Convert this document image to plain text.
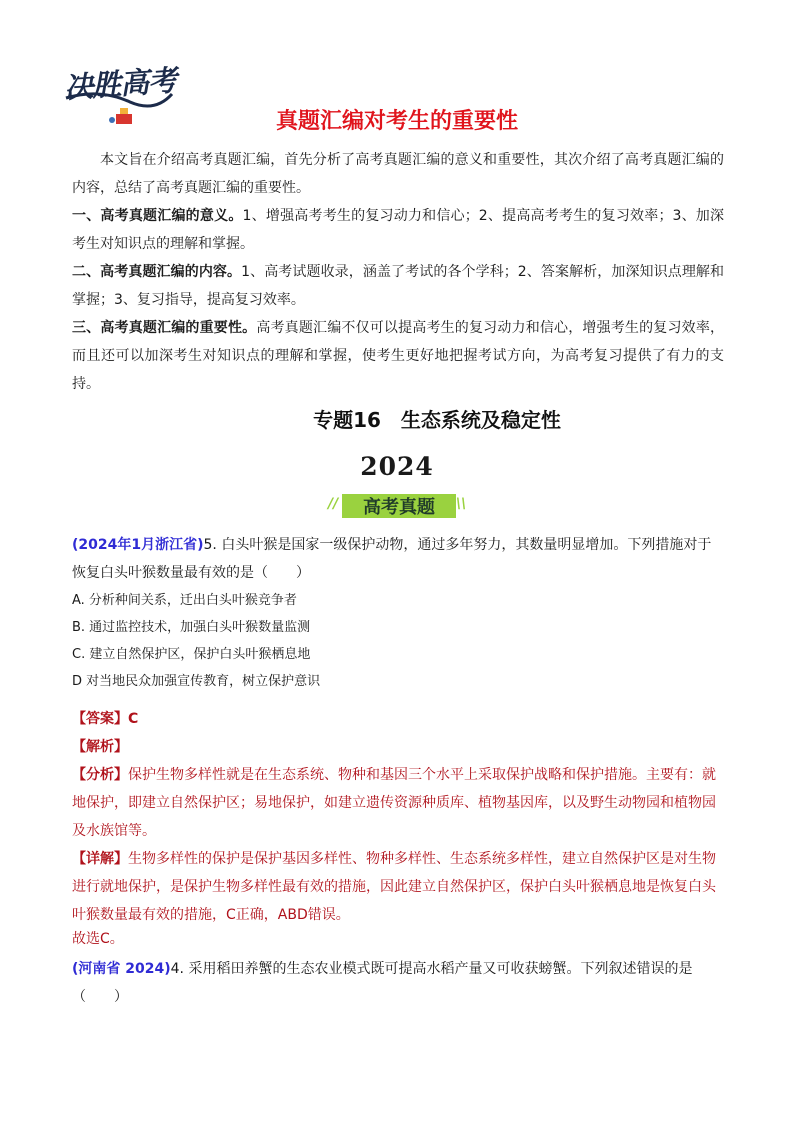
决胜高考
真题汇编对考生的重要性

本文旨在介绍高考真题汇编，首先分析了高考真题汇编的意义和重要性，其次介绍了高考真题汇编的内容，总结了高考真题汇编的重要性。

一、高考真题汇编的意义。1、增强高考考生的复习动力和信心；2、提高高考考生的复习效率；3、加深考生对知识点的理解和掌握。

二、高考真题汇编的内容。1、高考试题收录，涵盖了考试的各个学科；2、答案解析，加深知识点理解和掌握；3、复习指导，提高复习效率。

三、高考真题汇编的重要性。高考真题汇编不仅可以提高考生的复习动力和信心，增强考生的复习效率，而且还可以加深考生对知识点的理解和掌握，使考生更好地把握考试方向，为高考复习提供了有力的支持。

专题16　生态系统及稳定性
2024
//	\\
高考真题

(2024年1月浙江省)5. 白头叶猴是国家一级保护动物，通过多年努力，其数量明显增加。下列措施对于恢复白头叶猴数量最有效的是（　　）

A. 分析种间关系，迁出白头叶猴竞争者

B. 通过监控技术，加强白头叶猴数量监测

C. 建立自然保护区，保护白头叶猴栖息地

D 对当地民众加强宣传教育，树立保护意识

【答案】C

【解析】

【分析】保护生物多样性就是在生态系统、物种和基因三个水平上采取保护战略和保护措施。主要有：就地保护，即建立自然保护区；易地保护，如建立遗传资源种质库、植物基因库，以及野生动物园和植物园及水族馆等。

【详解】生物多样性的保护是保护基因多样性、物种多样性、生态系统多样性，建立自然保护区是对生物进行就地保护，是保护生物多样性最有效的措施，因此建立自然保护区，保护白头叶猴栖息地是恢复白头叶猴数量最有效的措施，C正确，ABD错误。

故选C。

(河南省 2024)4. 采用稻田养蟹的生态农业模式既可提高水稻产量又可收获螃蟹。下列叙述错误的是（　　）
